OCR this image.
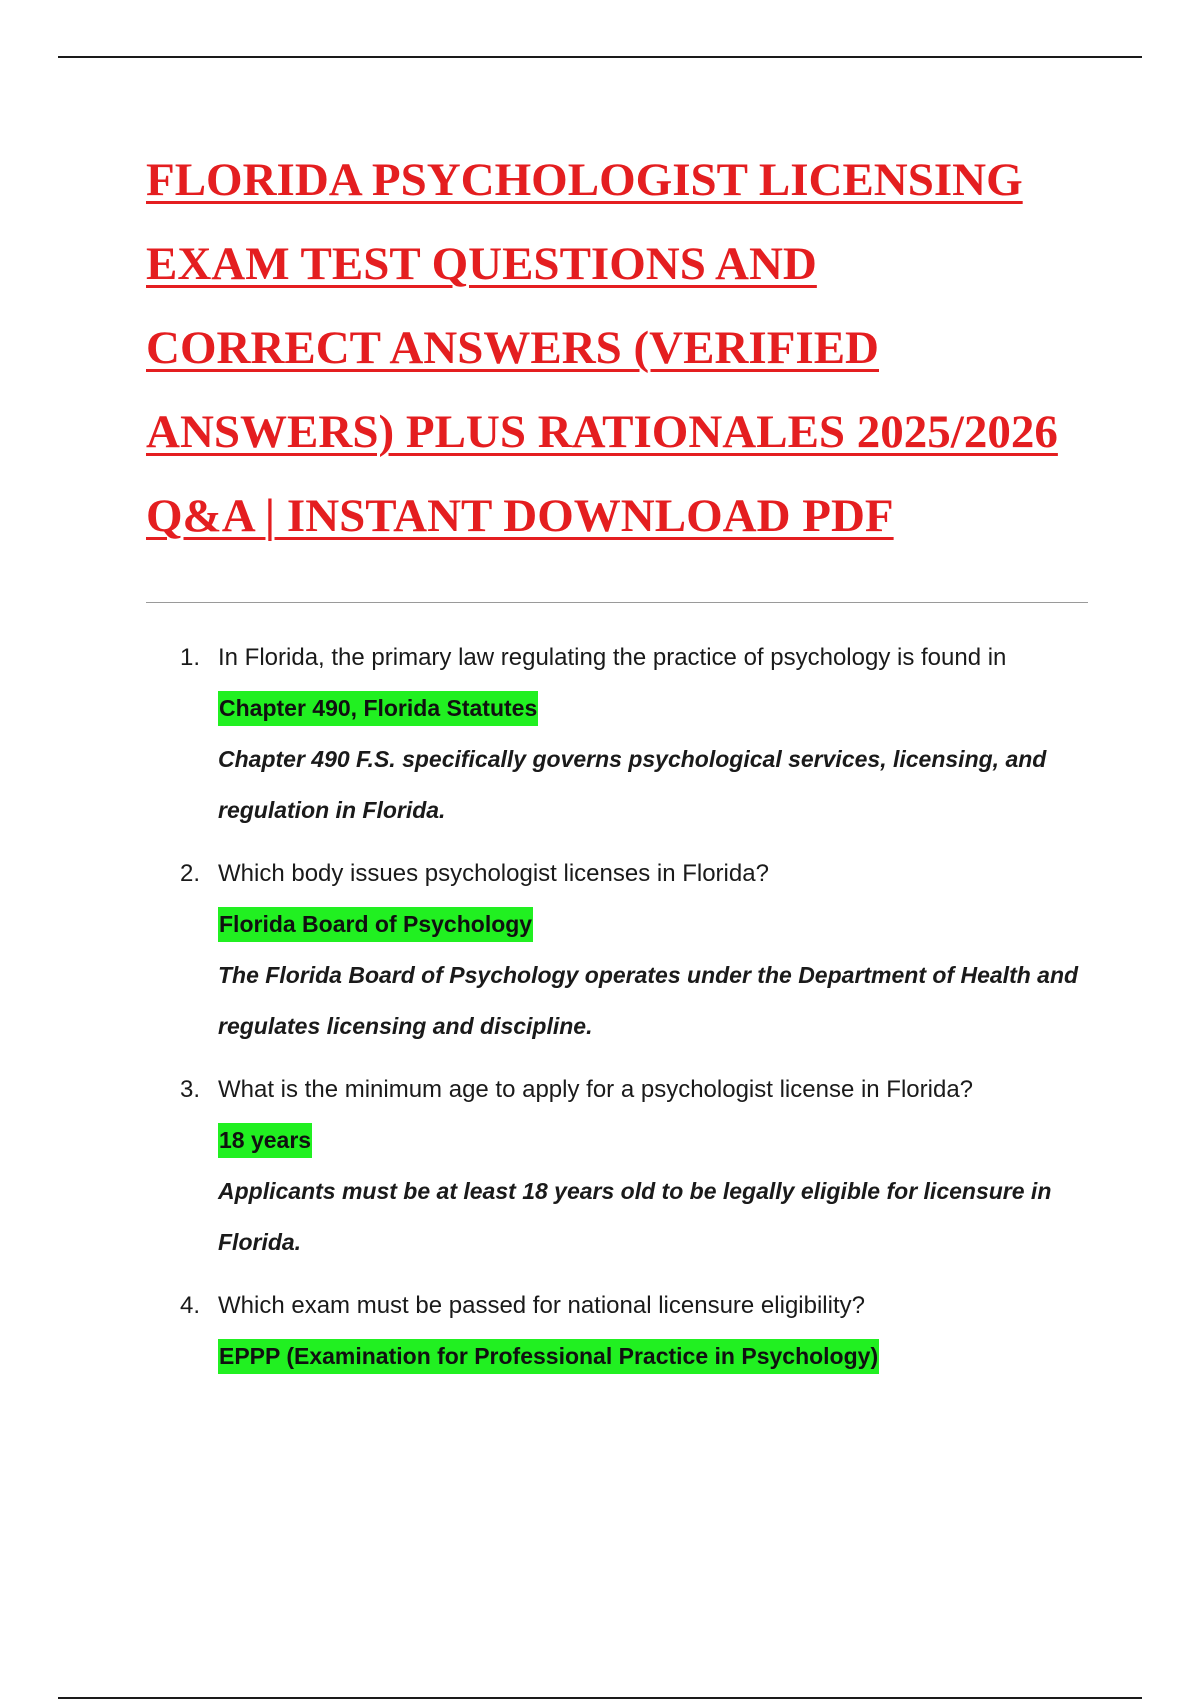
FLORIDA PSYCHOLOGIST LICENSING
EXAM TEST QUESTIONS AND
CORRECT ANSWERS (VERIFIED
ANSWERS) PLUS RATIONALES 2025/2026
Q&A | INSTANT DOWNLOAD PDF
1. In Florida, the primary law regulating the practice of psychology is found in
Chapter 490, Florida Statutes
Chapter 490 F.S. specifically governs psychological services, licensing, and regulation in Florida.
2. Which body issues psychologist licenses in Florida?
Florida Board of Psychology
The Florida Board of Psychology operates under the Department of Health and regulates licensing and discipline.
3. What is the minimum age to apply for a psychologist license in Florida?
18 years
Applicants must be at least 18 years old to be legally eligible for licensure in Florida.
4. Which exam must be passed for national licensure eligibility?
EPPP (Examination for Professional Practice in Psychology)
